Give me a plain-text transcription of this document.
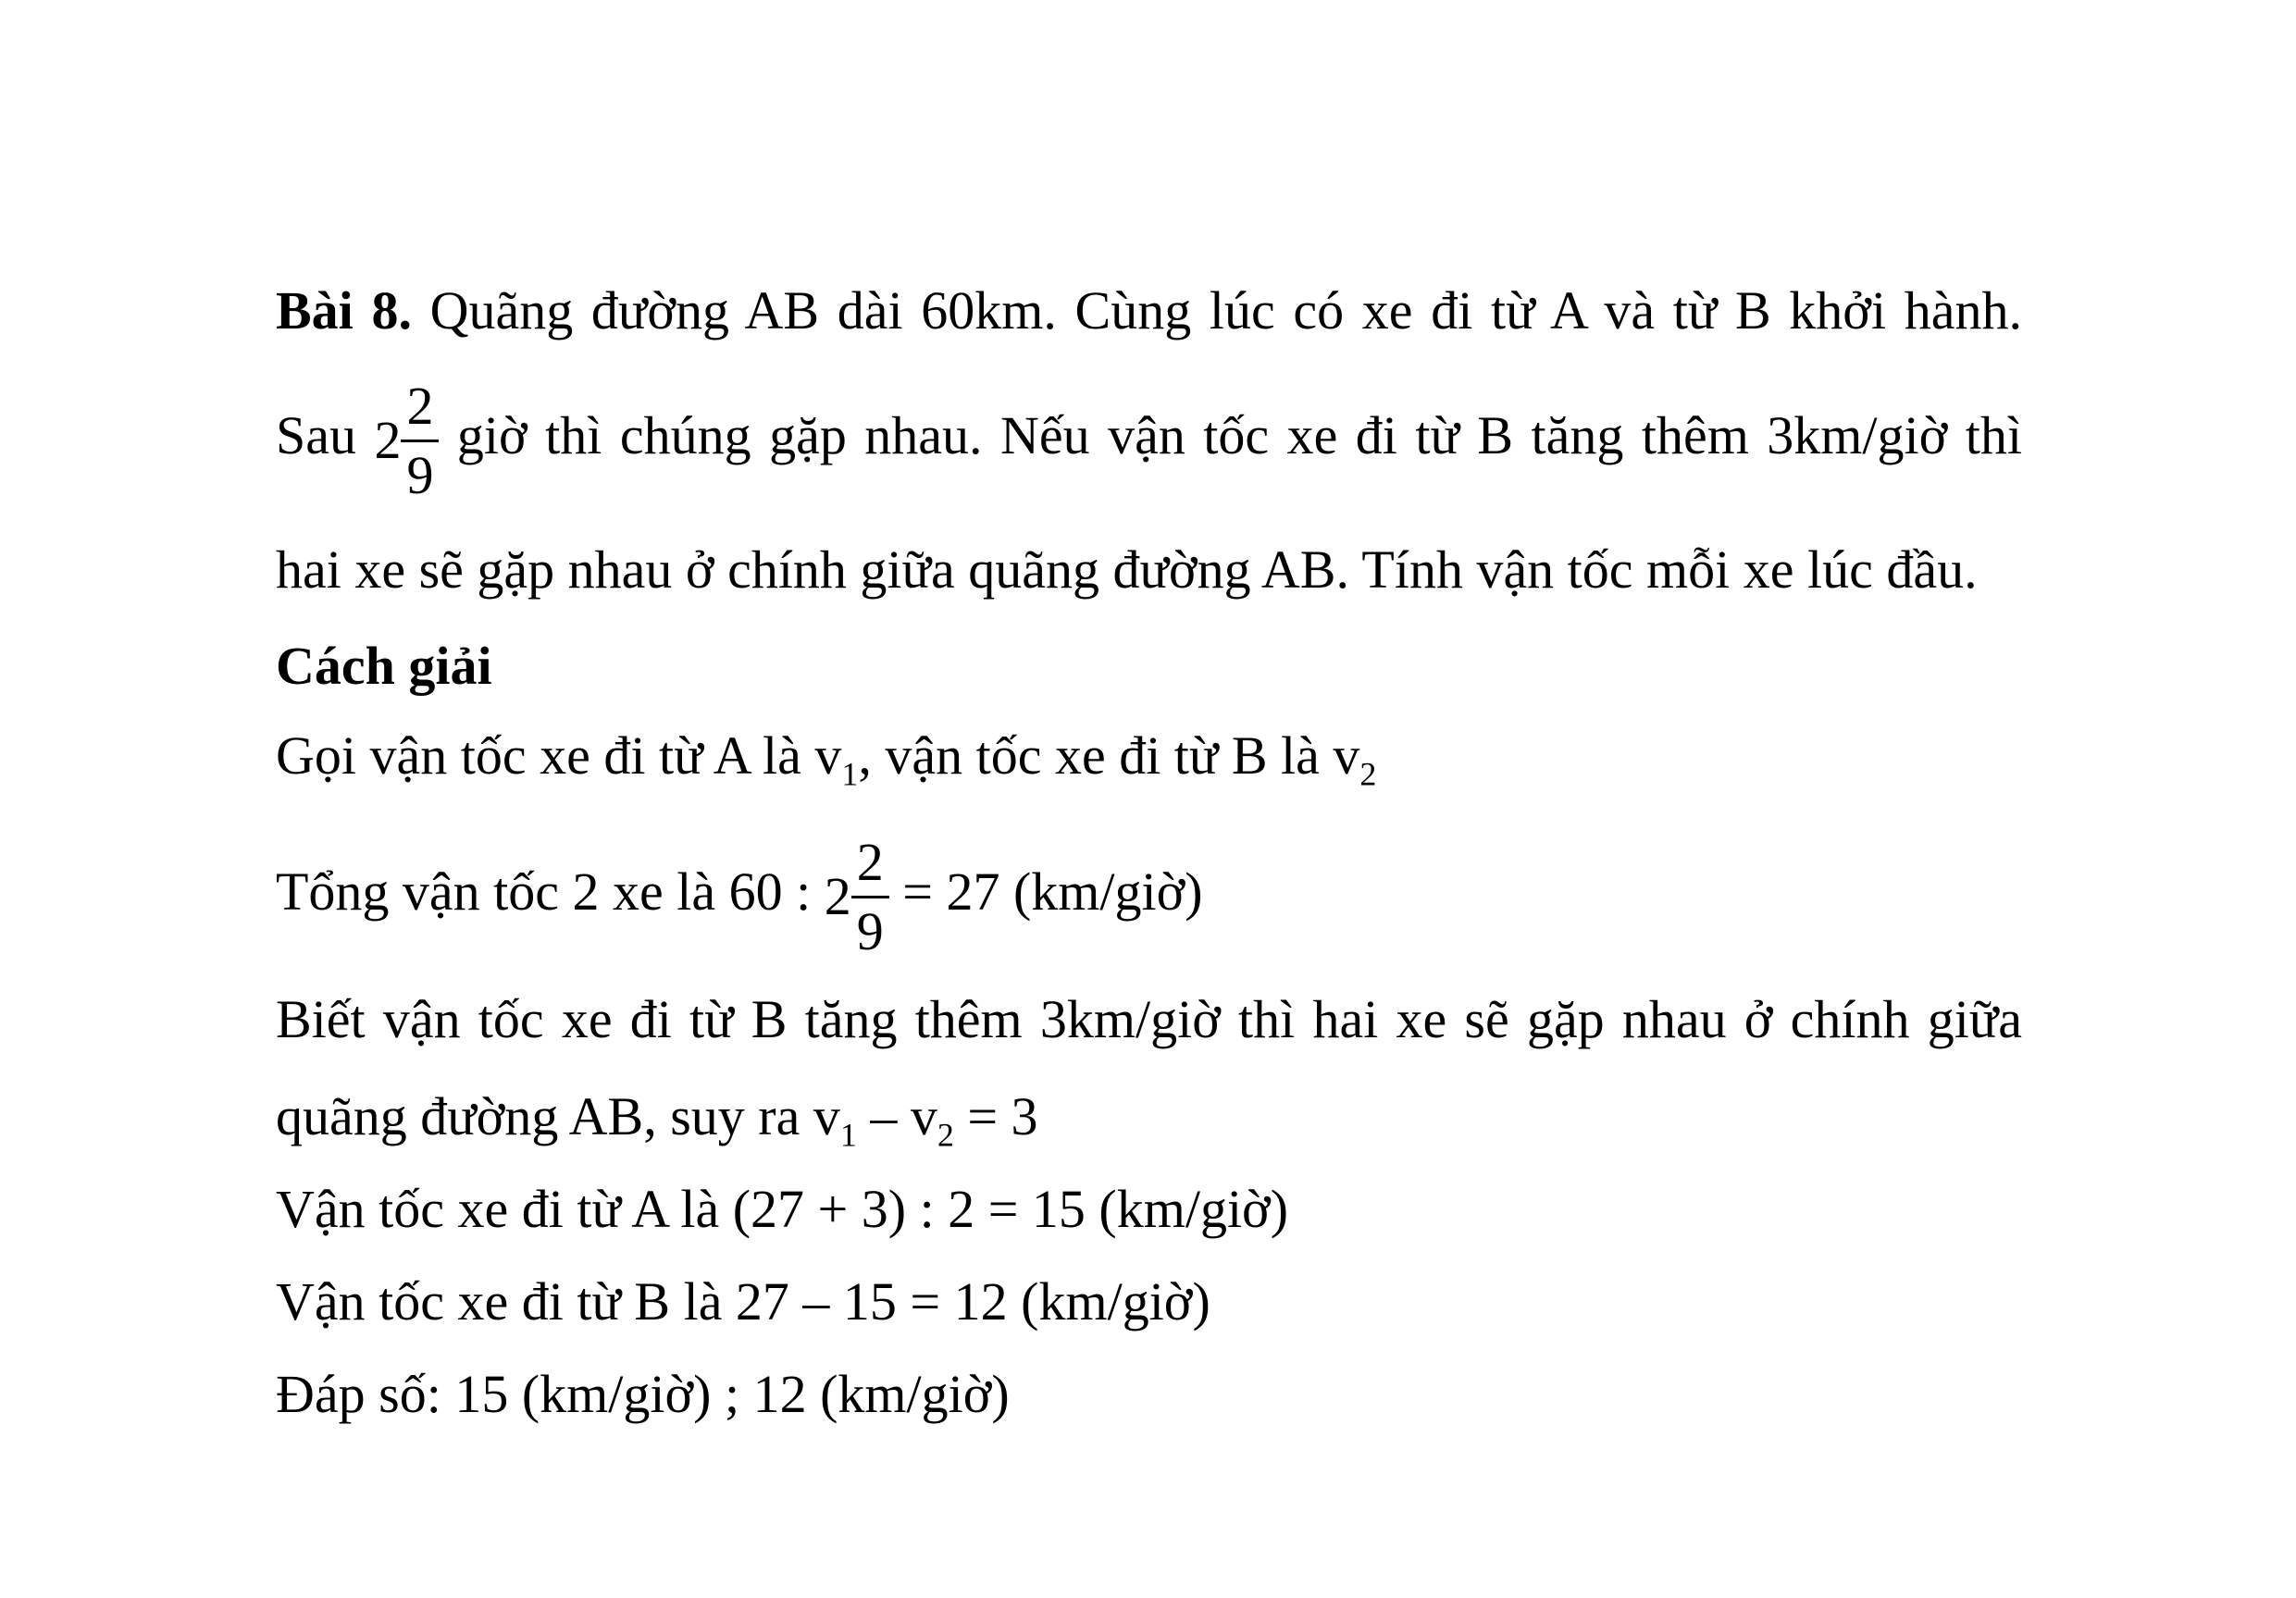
Bài 8. Quãng đường AB dài 60km. Cùng lúc có xe đi từ A và từ B khởi hành.
Sau $2 \frac{2}{9}$ giờ thì chúng gặp nhau. Nếu vận tốc xe đi từ B tăng thêm 3km/giờ thì
hai xe sẽ gặp nhau ở chính giữa quãng đường AB. Tính vận tốc mỗi xe lúc đầu.
Cách giải
Gọi vận tốc xe đi từ A là $v_1$, vận tốc xe đi từ B là $v_2$
Tổng vận tốc 2 xe là 60 : $2 \frac{2}{9} = 27$ (km/giờ)
Biết vận tốc xe đi từ B tăng thêm 3km/giờ thì hai xe sẽ gặp nhau ở chính giữa
quãng đường AB, suy ra $v_1 - v_2 = 3$
Vận tốc xe đi từ A là (27 + 3) : 2 = 15 (km/giờ)
Vận tốc xe đi từ B là 27 – 15 = 12 (km/giờ)
Đáp số: 15 (km/giờ) ; 12 (km/giờ)
